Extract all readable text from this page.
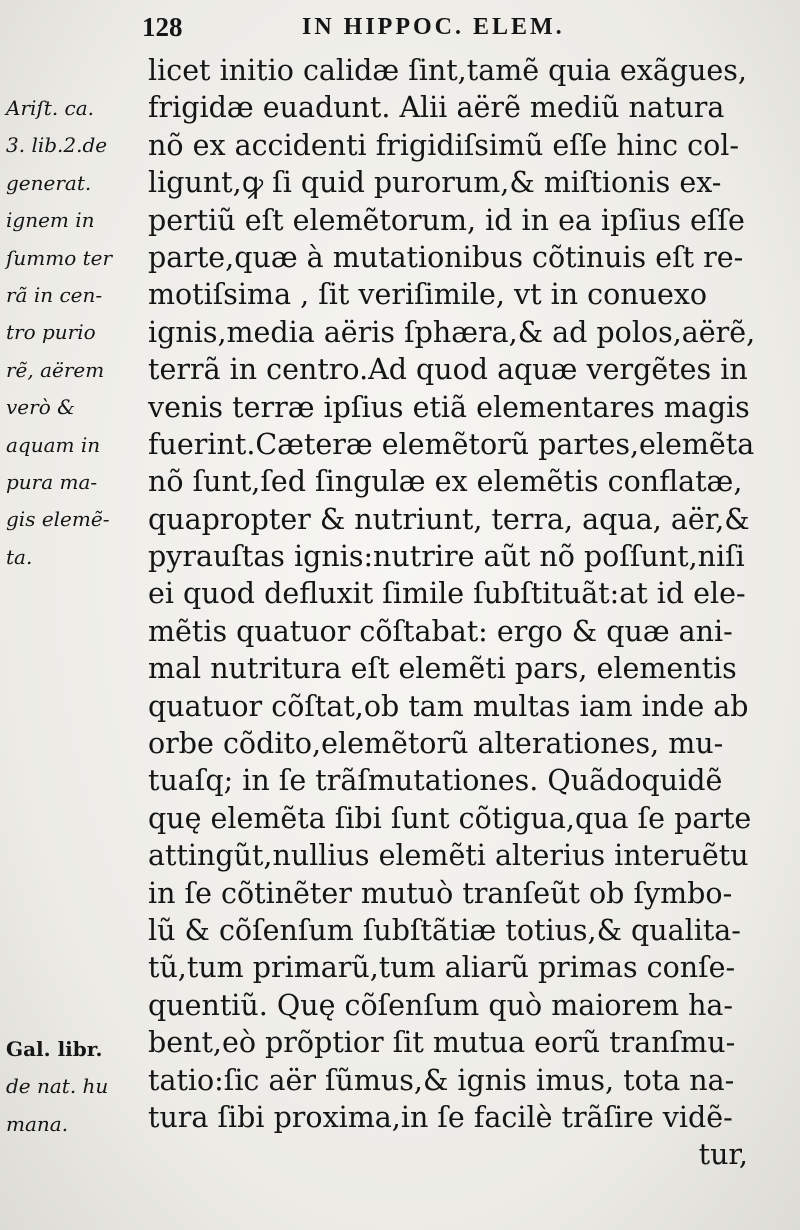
128	IN HIPPOC. ELEM.
Ariſt. ca.
3. lib.2.de
generat.
ignem in
ſummo ter
rã in cen-
tro purio
rẽ, aërem
verò &
aquam in
pura ma-
gis elemẽ-
ta.
Gal. libr.
de nat. hu
mana.
licet initio calidæ ſint,tamẽ quia exãgues,
frigidæ euadunt. Alii aërẽ mediũ natura
nõ ex accidenti frigidiſsimũ eſſe hinc col-
ligunt,ꝙ ſi quid purorum,& miſtionis ex-
pertiũ eſt elemẽtorum, id in ea ipſius eſſe
parte,quæ à mutationibus cõtinuis eſt re-
motiſsima , ſit veriſimile, vt in conuexo
ignis,media aëris ſphæra,& ad polos,aërẽ,
terrã in centro.Ad quod aquæ vergẽtes in
venis terræ ipſius etiã elementares magis
fuerint.Cæteræ elemẽtorũ partes,elemẽta
nõ ſunt,ſed ſingulæ ex elemẽtis conflatæ,
quapropter & nutriunt, terra, aqua, aër,&
pyrauſtas ignis:nutrire aũt nõ poſſunt,niſi
ei quod defluxit ſimile ſubſtituãt:at id ele-
mẽtis quatuor cõſtabat: ergo & quæ ani-
mal nutritura eſt elemẽti pars, elementis
quatuor cõſtat,ob tam multas iam inde ab
orbe cõdito,elemẽtorũ alterationes, mu-
tuaſq; in ſe trãſmutationes. Quãdoquidẽ
quę elemẽta ſibi ſunt cõtigua,qua ſe parte
attingũt,nullius elemẽti alterius interuẽtu
in ſe cõtinẽter mutuò tranſeũt ob ſymbo-
lũ & cõſenſum ſubſtãtiæ totius,& qualita-
tũ,tum primarũ,tum aliarũ primas conſe-
quentiũ. Quę cõſenſum quò maiorem ha-
bent,eò prõptior ſit mutua eorũ tranſmu-
tatio:ſic aër ſũmus,& ignis imus, tota na-
tura ſibi proxima,in ſe facilè trãſire vidẽ-
tur,
